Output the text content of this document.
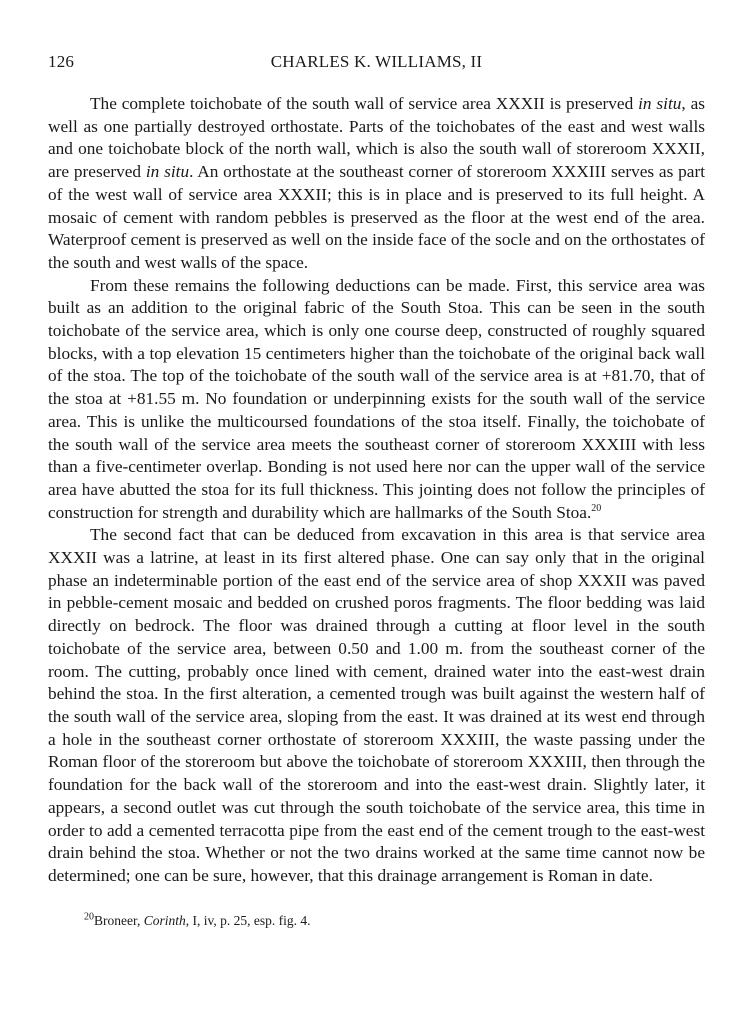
126	CHARLES K. WILLIAMS, II

The complete toichobate of the south wall of service area XXXII is preserved in situ, as well as one partially destroyed orthostate. Parts of the toichobates of the east and west walls and one toichobate block of the north wall, which is also the south wall of storeroom XXXII, are preserved in situ. An orthostate at the southeast corner of storeroom XXXIII serves as part of the west wall of service area XXXII; this is in place and is preserved to its full height. A mosaic of cement with random pebbles is preserved as the floor at the west end of the area. Waterproof cement is preserved as well on the inside face of the socle and on the orthostates of the south and west walls of the space.

From these remains the following deductions can be made. First, this service area was built as an addition to the original fabric of the South Stoa. This can be seen in the south toichobate of the service area, which is only one course deep, constructed of roughly squared blocks, with a top elevation 15 centimeters higher than the toichobate of the original back wall of the stoa. The top of the toichobate of the south wall of the service area is at +81.70, that of the stoa at +81.55 m. No foundation or underpinning exists for the south wall of the service area. This is unlike the multicoursed foundations of the stoa itself. Finally, the toichobate of the south wall of the service area meets the southeast corner of storeroom XXXIII with less than a five-centimeter overlap. Bonding is not used here nor can the upper wall of the service area have abutted the stoa for its full thickness. This jointing does not follow the principles of construction for strength and durability which are hallmarks of the South Stoa.$^{20}$

The second fact that can be deduced from excavation in this area is that service area XXXII was a latrine, at least in its first altered phase. One can say only that in the original phase an indeterminable portion of the east end of the service area of shop XXXII was paved in pebble-cement mosaic and bedded on crushed poros fragments. The floor bedding was laid directly on bedrock. The floor was drained through a cutting at floor level in the south toichobate of the service area, between 0.50 and 1.00 m. from the southeast corner of the room. The cutting, probably once lined with cement, drained water into the east-west drain behind the stoa. In the first alteration, a cemented trough was built against the western half of the south wall of the service area, sloping from the east. It was drained at its west end through a hole in the southeast corner orthostate of storeroom XXXIII, the waste passing under the Roman floor of the storeroom but above the toichobate of storeroom XXXIII, then through the foundation for the back wall of the storeroom and into the east-west drain. Slightly later, it appears, a second outlet was cut through the south toichobate of the service area, this time in order to add a cemented terracotta pipe from the east end of the cement trough to the east-west drain behind the stoa. Whether or not the two drains worked at the same time cannot now be determined; one can be sure, however, that this drainage arrangement is Roman in date.

$^{20}$Broneer, Corinth, I, iv, p. 25, esp. fig. 4.
